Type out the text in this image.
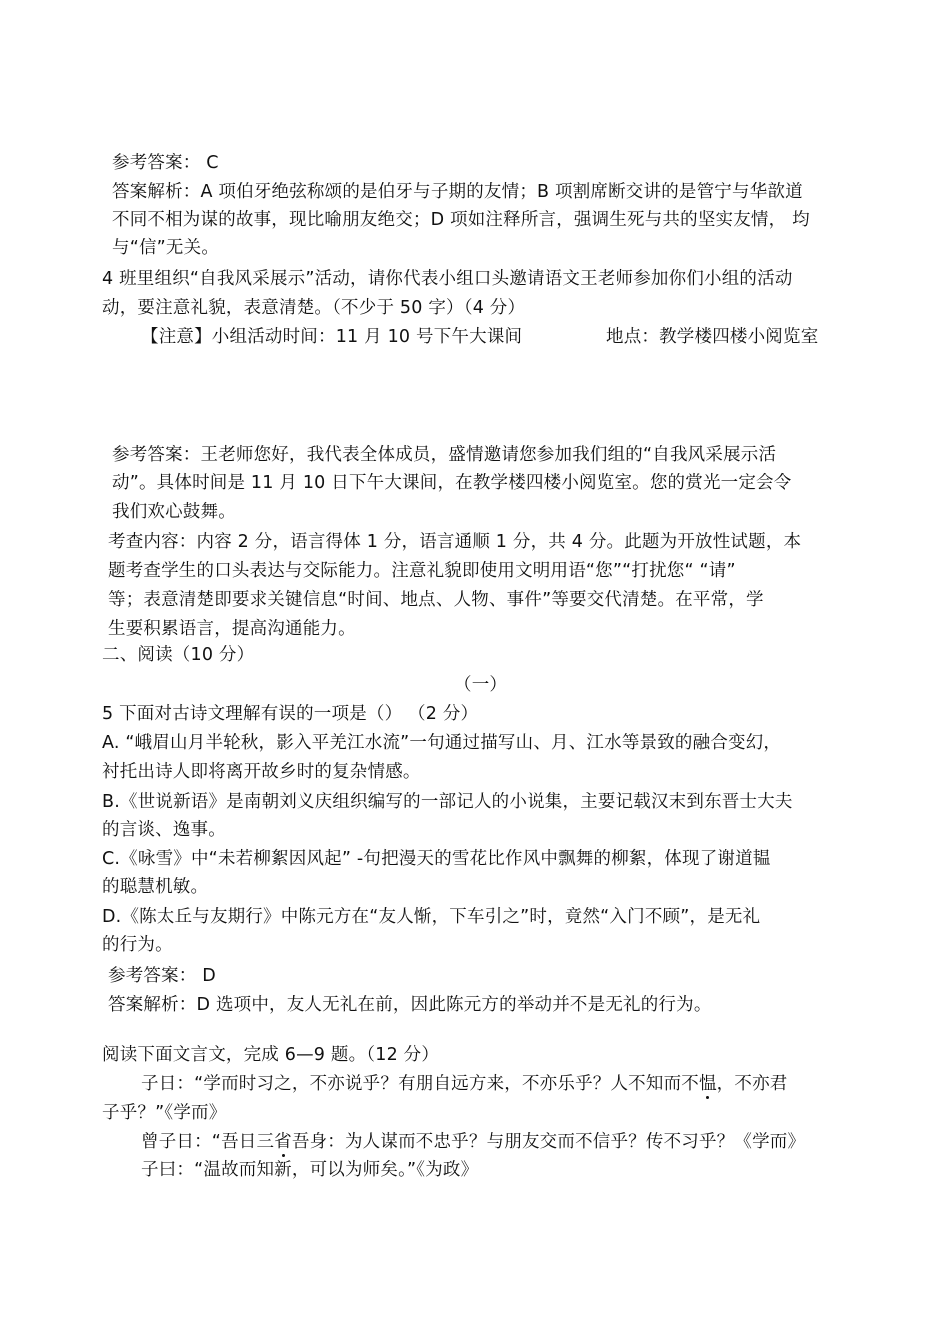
参考答案： C
答案解析：A 项伯牙绝弦称颂的是伯牙与子期的友情；B 项割席断交讲的是管宁与华歆道
不同不相为谋的故事，现比喻朋友绝交；D 项如注释所言，强调生死与共的坚实友情， 均
与“信”无关。
4 班里组织“自我风采展示”活动，请你代表小组口头邀请语文王老师参加你们小组的活动
动，要注意礼貌，表意清楚。（不少于 50 字）（4 分）
【注意】小组活动时间：11 月 10 号下午大课间	地点：教学楼四楼小阅览室
参考答案：王老师您好，我代表全体成员，盛情邀请您参加我们组的“自我风采展示活
动”。具体时间是 11 月 10 日下午大课间，在教学楼四楼小阅览室。您的赏光一定会令
我们欢心鼓舞。
考查内容：内容 2 分，语言得体 1 分，语言通顺 1 分，共 4 分。此题为开放性试题，本
题考查学生的口头表达与交际能力。注意礼貌即使用文明用语“您”“打扰您“ “请”
等；表意清楚即要求关键信息“时间、地点、人物、事件”等要交代清楚。在平常，学
生要积累语言，提高沟通能力。
二、阅读（10 分）
（一）
5 下面对古诗文理解有误的一项是（） （2 分）
A. “峨眉山月半轮秋，影入平羌江水流”一句通过描写山、月、江水等景致的融合变幻，
衬托出诗人即将离开故乡时的复杂情感。
B.《世说新语》是南朝刘义庆组织编写的一部记人的小说集，主要记载汉末到东晋士大夫
的言谈、逸事。
C.《咏雪》中“未若柳絮因风起” -句把漫天的雪花比作风中飘舞的柳絮，体现了谢道韫
的聪慧机敏。
D.《陈太丘与友期行》中陈元方在“友人惭，下车引之”时，竟然“入门不顾”，是无礼
的行为。
参考答案： D
答案解析：D 选项中，友人无礼在前，因此陈元方的举动并不是无礼的行为。
阅读下面文言文，完成 6—9 题。（12 分）
子日：“学而时习之，不亦说乎？有朋自远方来，不亦乐乎？人不知而不愠，不亦君
子乎？”《学而》
曾子日：“吾日三省吾身：为人谋而不忠乎？与朋友交而不信乎？传不习乎？《学而》
子曰：“温故而知新，可以为师矣。”《为政》
